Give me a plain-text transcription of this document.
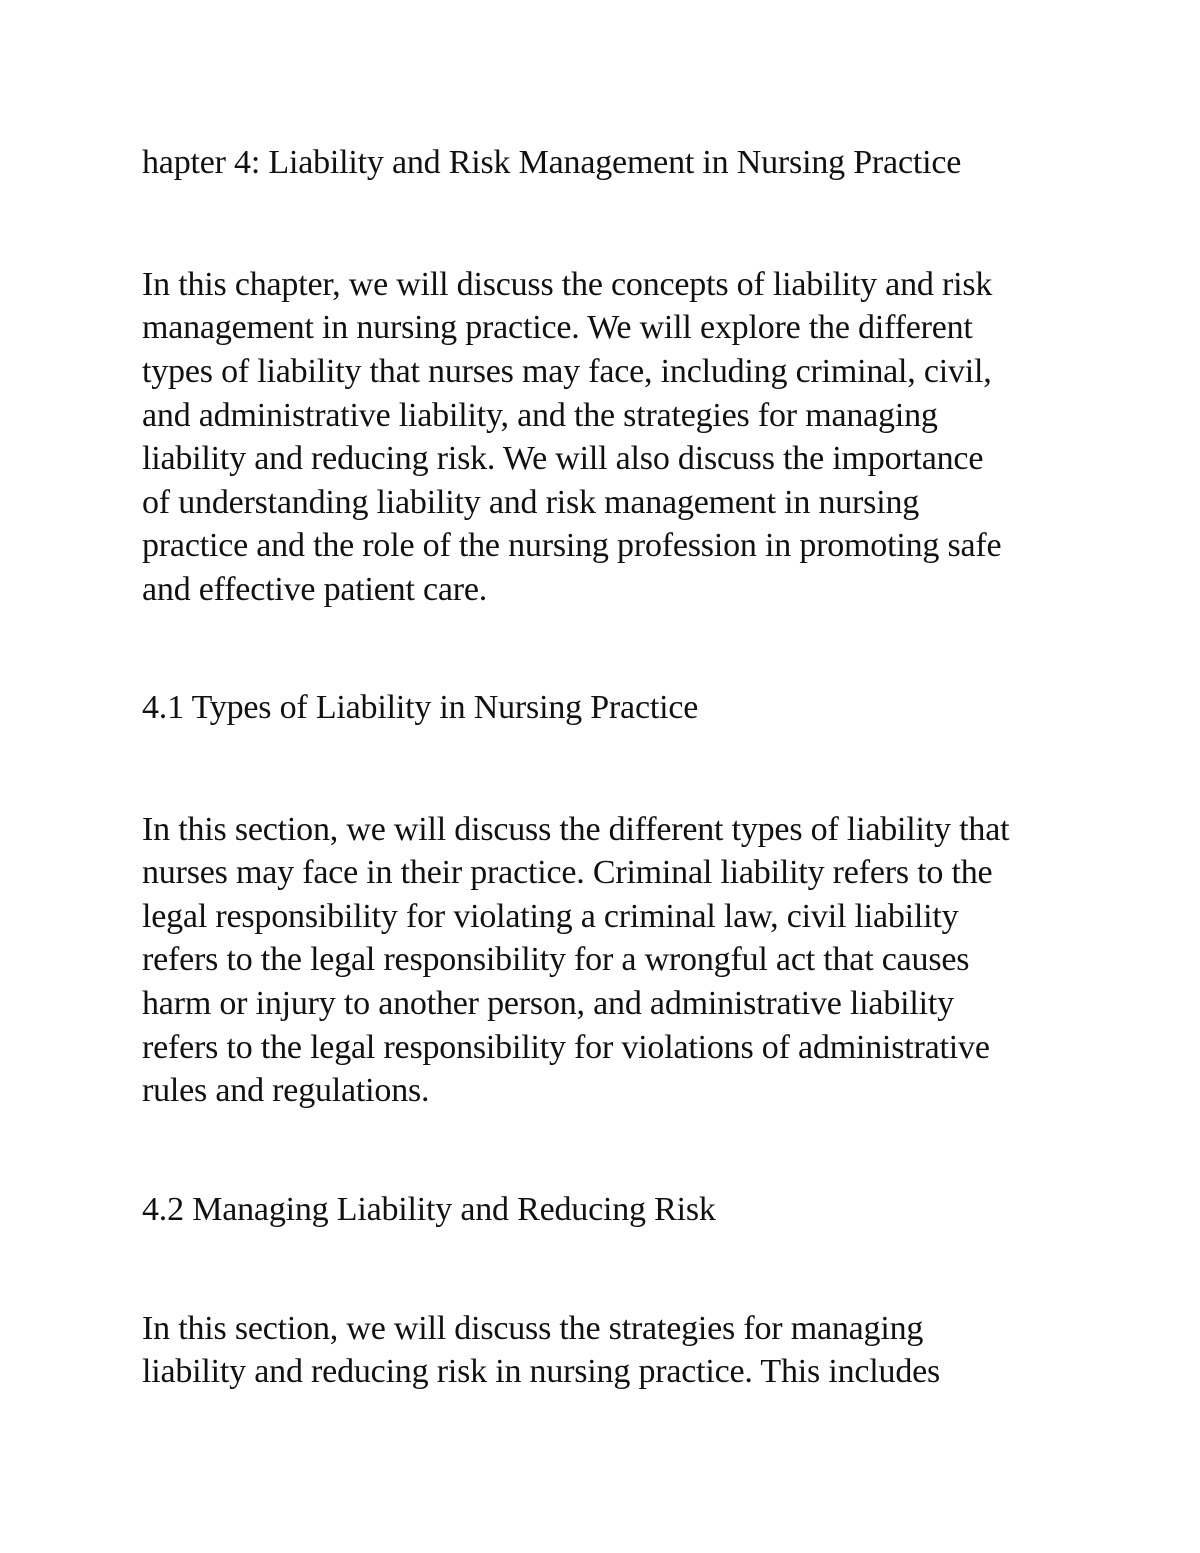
hapter 4: Liability and Risk Management in Nursing Practice

In this chapter, we will discuss the concepts of liability and risk

management in nursing practice. We will explore the different

types of liability that nurses may face, including criminal, civil,

and administrative liability, and the strategies for managing

liability and reducing risk. We will also discuss the importance

of understanding liability and risk management in nursing

practice and the role of the nursing profession in promoting safe

and effective patient care.

4.1 Types of Liability in Nursing Practice

In this section, we will discuss the different types of liability that

nurses may face in their practice. Criminal liability refers to the

legal responsibility for violating a criminal law, civil liability

refers to the legal responsibility for a wrongful act that causes

harm or injury to another person, and administrative liability

refers to the legal responsibility for violations of administrative

rules and regulations.

4.2 Managing Liability and Reducing Risk

In this section, we will discuss the strategies for managing

liability and reducing risk in nursing practice. This includes
